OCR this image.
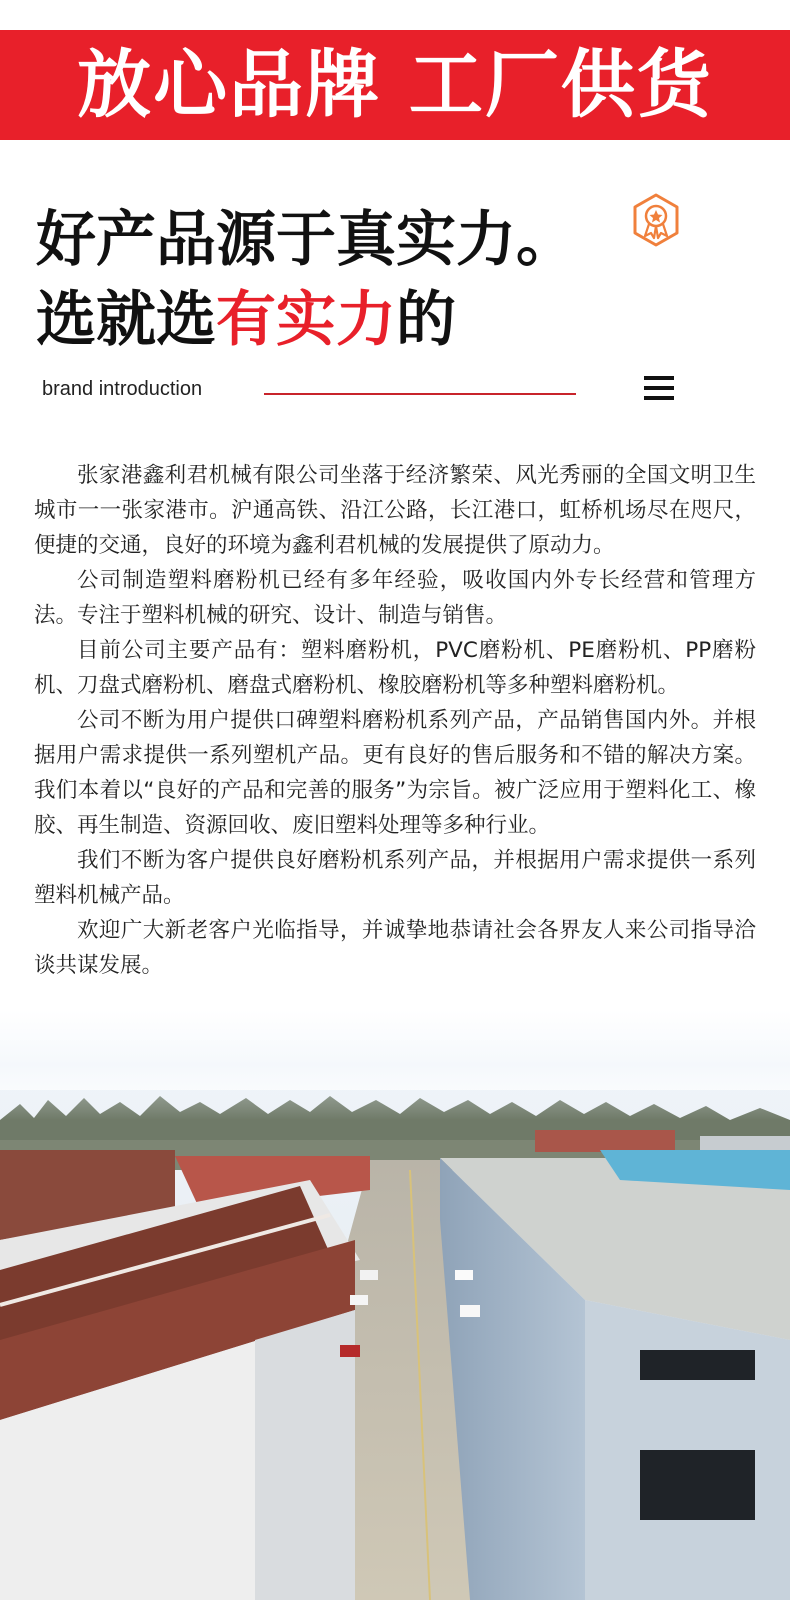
放心品牌 工厂供货
好产品源于真实力。
选就选有实力的
brand introduction

张家港鑫利君机械有限公司坐落于经济繁荣、风光秀丽的全国文明卫生城市一一张家港市。沪通高铁、沿江公路，长江港口，虹桥机场尽在咫尺，便捷的交通，良好的环境为鑫利君机械的发展提供了原动力。

公司制造塑料磨粉机已经有多年经验，吸收国内外专长经营和管理方法。专注于塑料机械的研究、设计、制造与销售。

目前公司主要产品有：塑料磨粉机，PVC磨粉机、PE磨粉机、PP磨粉机、刀盘式磨粉机、磨盘式磨粉机、橡胶磨粉机等多种塑料磨粉机。

公司不断为用户提供口碑塑料磨粉机系列产品，产品销售国内外。并根据用户需求提供一系列塑机产品。更有良好的售后服务和不错的解决方案。我们本着以“良好的产品和完善的服务”为宗旨。被广泛应用于塑料化工、橡胶、再生制造、资源回收、废旧塑料处理等多种行业。

我们不断为客户提供良好磨粉机系列产品，并根据用户需求提供一系列塑料机械产品。

欢迎广大新老客户光临指导，并诚挚地恭请社会各界友人来公司指导洽谈共谋发展。
